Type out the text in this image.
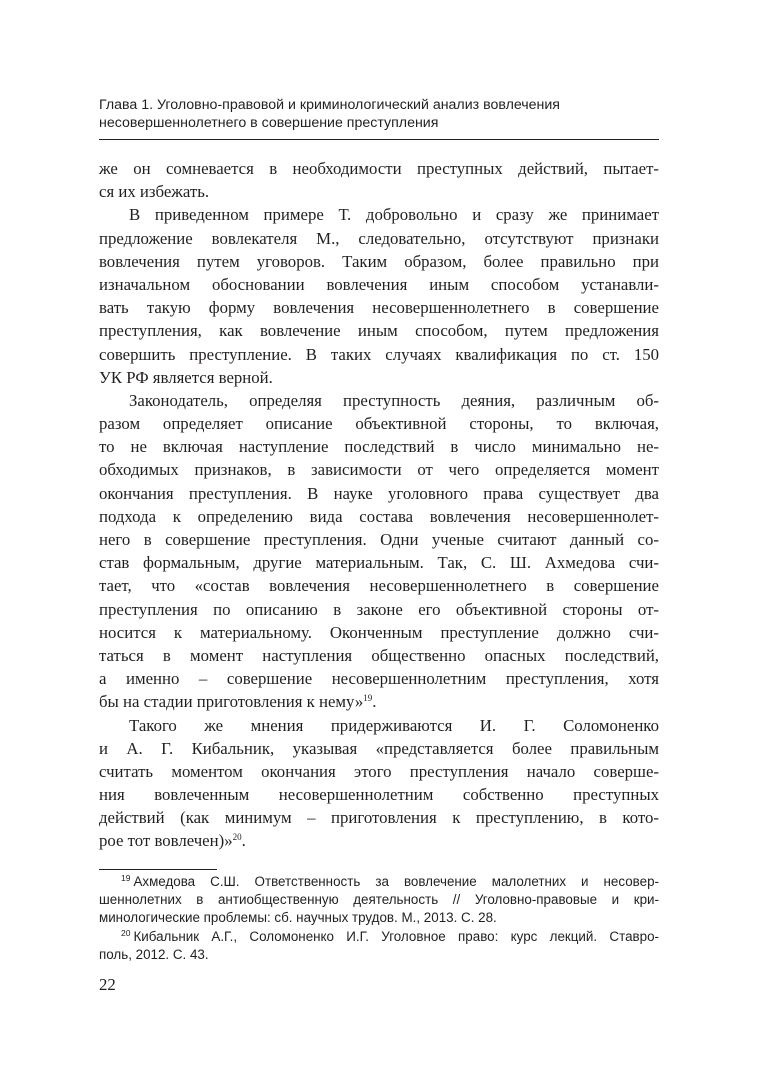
Глава 1. Уголовно-правовой и криминологический анализ вовлечения
несовершеннолетнего в совершение преступления
же он сомневается в необходимости преступных действий, пытает-
ся их избежать.
В приведенном примере Т. добровольно и сразу же принимает
предложение вовлекателя М., следовательно, отсутствуют признаки
вовлечения путем уговоров. Таким образом, более правильно при
изначальном обосновании вовлечения иным способом устанавли-
вать такую форму вовлечения несовершеннолетнего в совершение
преступления, как вовлечение иным способом, путем предложения
совершить преступление. В таких случаях квалификация по ст. 150
УК РФ является верной.
Законодатель, определяя преступность деяния, различным об-
разом определяет описание объективной стороны, то включая,
то не включая наступление последствий в число минимально не-
обходимых признаков, в зависимости от чего определяется момент
окончания преступления. В науке уголовного права существует два
подхода к определению вида состава вовлечения несовершеннолет-
него в совершение преступления. Одни ученые считают данный со-
став формальным, другие материальным. Так, С. Ш. Ахмедова счи-
тает, что «состав вовлечения несовершеннолетнего в совершение
преступления по описанию в законе его объективной стороны от-
носится к материальному. Оконченным преступление должно счи-
таться в момент наступления общественно опасных последствий,
а именно – совершение несовершеннолетним преступления, хотя
бы на стадии приготовления к нему»$^{19}$.
Такого же мнения придерживаются И. Г. Соломоненко
и А. Г. Кибальник, указывая «представляется более правильным
считать моментом окончания этого преступления начало соверше-
ния вовлеченным несовершеннолетним собственно преступных
действий (как минимум – приготовления к преступлению, в кото-
рое тот вовлечен)»$^{20}$.
$^{19}$ Ахмедова С.Ш. Ответственность за вовлечение малолетних и несовер-
шеннолетних в антиобщественную деятельность // Уголовно-правовые и кри-
минологические проблемы: сб. научных трудов. М., 2013. С. 28.
$^{20}$ Кибальник А.Г., Соломоненко И.Г. Уголовное право: курс лекций. Ставро-
поль, 2012. С. 43.
22
